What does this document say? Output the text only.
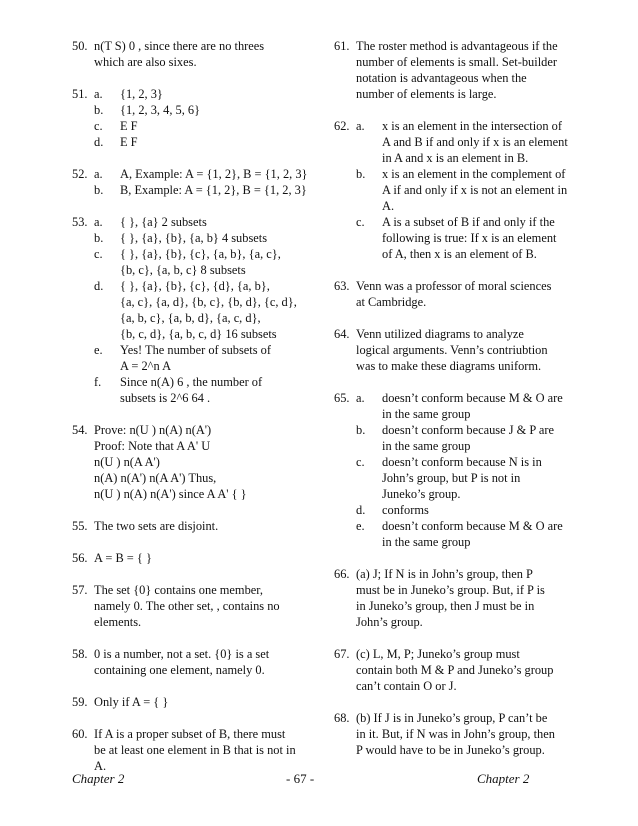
50. n(T S) 0 , since there are no threes
which are also sixes.
51. a. {1, 2, 3}
b. {1, 2, 3, 4, 5, 6}
c. E F
d. E F
52. a. A, Example: A = {1, 2}, B = {1, 2, 3}
b. B, Example: A = {1, 2}, B = {1, 2, 3}
53. a. { }, {a} 2 subsets
b. { }, {a}, {b}, {a, b} 4 subsets
c. { }, {a}, {b}, {c}, {a, b}, {a, c},
{b, c}, {a, b, c} 8 subsets
d. { }, {a}, {b}, {c}, {d}, {a, b},
{a, c}, {a, d}, {b, c}, {b, d}, {c, d},
{a, b, c}, {a, b, d}, {a, c, d},
{b, c, d}, {a, b, c, d} 16 subsets
e. Yes! The number of subsets of
A = 2^n A
f. Since n(A) 6 , the number of
subsets is 2^6 64 .
54. Prove: n(U ) n(A) n(A')
Proof: Note that A A' U
n(U ) n(A A')
n(A) n(A') n(A A') Thus,
n(U ) n(A) n(A') since A A' { }
55. The two sets are disjoint.
56. A = B = { }
57. The set {0} contains one member,
namely 0. The other set, , contains no
elements.
58. 0 is a number, not a set. {0} is a set
containing one element, namely 0.
59. Only if A = { }
60. If A is a proper subset of B, there must
be at least one element in B that is not in
A.
61. The roster method is advantageous if the
number of elements is small. Set-builder
notation is advantageous when the
number of elements is large.
62. a. x is an element in the intersection of
A and B if and only if x is an element
in A and x is an element in B.
b. x is an element in the complement of
A if and only if x is not an element in
A.
c. A is a subset of B if and only if the
following is true: If x is an element
of A, then x is an element of B.
63. Venn was a professor of moral sciences
at Cambridge.
64. Venn utilized diagrams to analyze
logical arguments. Venn’s contriubtion
was to make these diagrams uniform.
65. a. doesn’t conform because M & O are
in the same group
b. doesn’t conform because J & P are
in the same group
c. doesn’t conform because N is in
John’s group, but P is not in
Juneko’s group.
d. conforms
e. doesn’t conform because M & O are
in the same group
66. (a) J; If N is in John’s group, then P
must be in Juneko’s group. But, if P is
in Juneko’s group, then J must be in
John’s group.
67. (c) L, M, P; Juneko’s group must
contain both M & P and Juneko’s group
can’t contain O or J.
68. (b) If J is in Juneko’s group, P can’t be
in it. But, if N was in John’s group, then
P would have to be in Juneko’s group.
Chapter 2	- 67 -	Chapter 2
